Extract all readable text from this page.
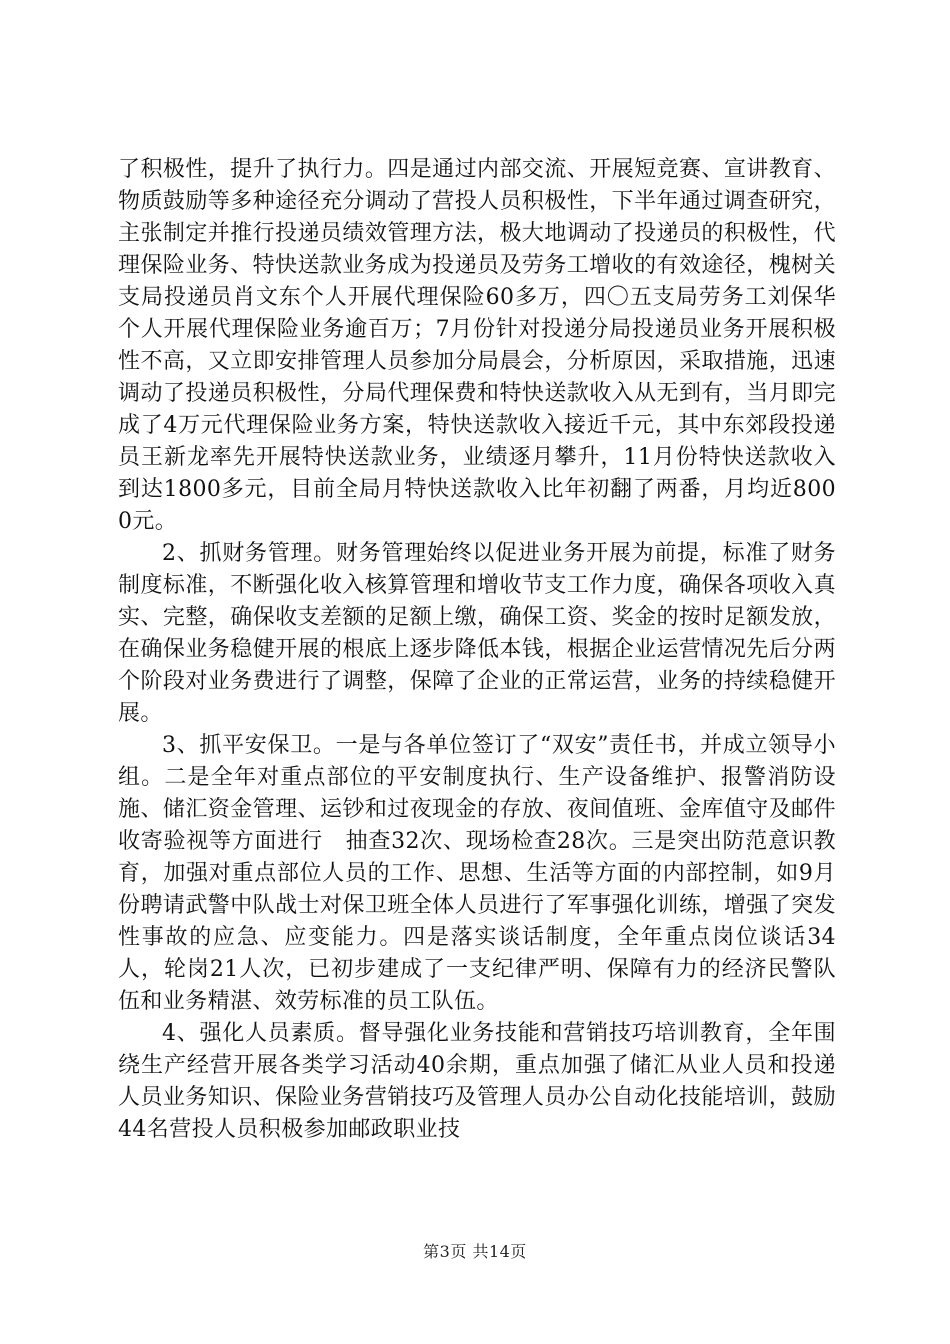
了积极性，提升了执行力。四是通过内部交流、开展短竞赛、宣讲教育、物质鼓励等多种途径充分调动了营投人员积极性，下半年通过调查研究，主张制定并推行投递员绩效管理方法，极大地调动了投递员的积极性，代理保险业务、特快送款业务成为投递员及劳务工增收的有效途径，槐树关支局投递员肖文东个人开展代理保险60多万，四〇五支局劳务工刘保华个人开展代理保险业务逾百万；7月份针对投递分局投递员业务开展积极性不高，又立即安排管理人员参加分局晨会，分析原因，采取措施，迅速调动了投递员积极性，分局代理保费和特快送款收入从无到有，当月即完成了4万元代理保险业务方案，特快送款收入接近千元，其中东郊段投递员王新龙率先开展特快送款业务，业绩逐月攀升，11月份特快送款收入到达1800多元，目前全局月特快送款收入比年初翻了两番，月均近8000元。

2、抓财务管理。财务管理始终以促进业务开展为前提，标准了财务制度标准，不断强化收入核算管理和增收节支工作力度，确保各项收入真实、完整，确保收支差额的足额上缴，确保工资、奖金的按时足额发放，在确保业务稳健开展的根底上逐步降低本钱，根据企业运营情况先后分两个阶段对业务费进行了调整，保障了企业的正常运营，业务的持续稳健开展。

3、抓平安保卫。一是与各单位签订了“双安”责任书，并成立领导小组。二是全年对重点部位的平安制度执行、生产设备维护、报警消防设施、储汇资金管理、运钞和过夜现金的存放、夜间值班、金库值守及邮件收寄验视等方面进行　抽查32次、现场检查28次。三是突出防范意识教育，加强对重点部位人员的工作、思想、生活等方面的内部控制，如9月份聘请武警中队战士对保卫班全体人员进行了军事强化训练，增强了突发性事故的应急、应变能力。四是落实谈话制度，全年重点岗位谈话34人，轮岗21人次，已初步建成了一支纪律严明、保障有力的经济民警队伍和业务精湛、效劳标准的员工队伍。

4、强化人员素质。督导强化业务技能和营销技巧培训教育，全年围绕生产经营开展各类学习活动40余期，重点加强了储汇从业人员和投递人员业务知识、保险业务营销技巧及管理人员办公自动化技能培训，鼓励44名营投人员积极参加邮政职业技

第3页 共14页
